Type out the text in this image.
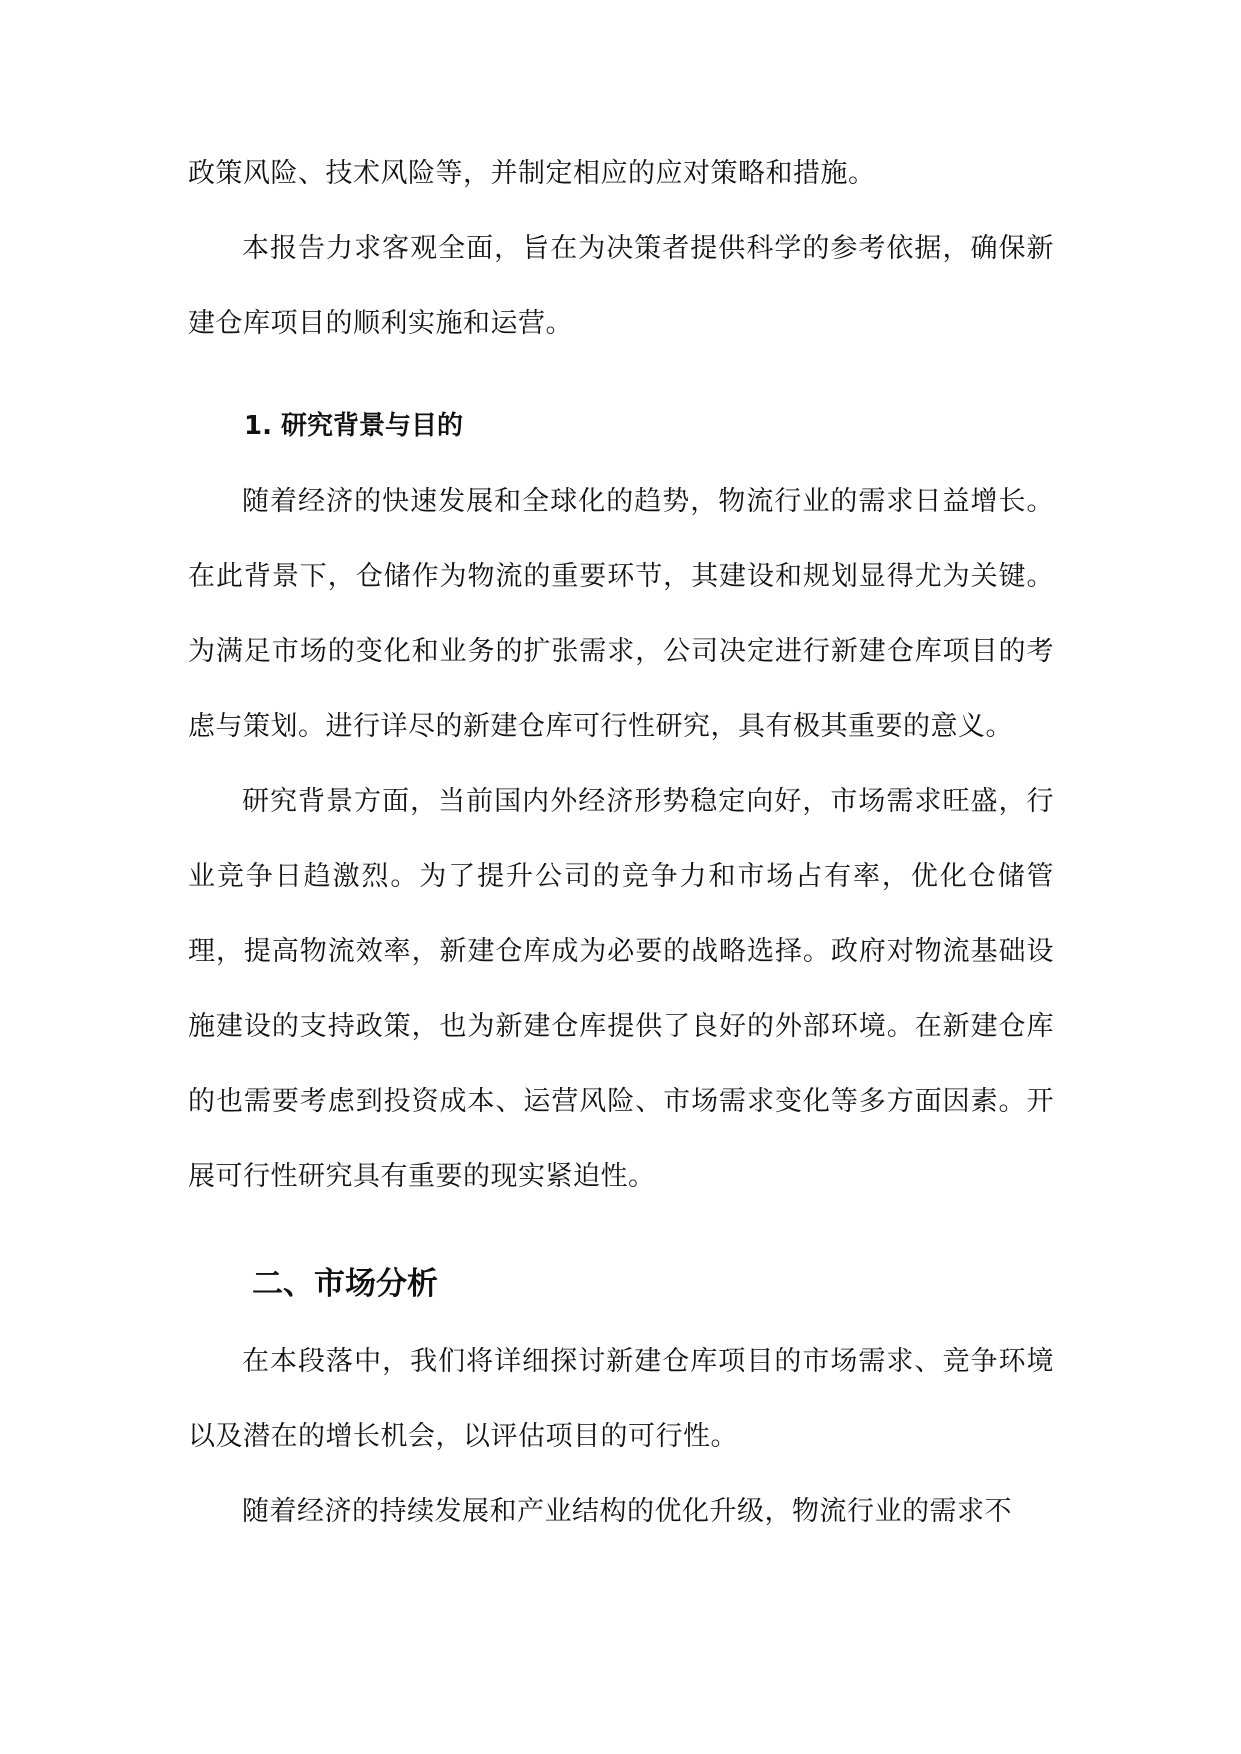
政策风险、技术风险等，并制定相应的应对策略和措施。

本报告力求客观全面，旨在为决策者提供科学的参考依据，确保新建仓库项目的顺利实施和运营。

1. 研究背景与目的

随着经济的快速发展和全球化的趋势，物流行业的需求日益增长。在此背景下，仓储作为物流的重要环节，其建设和规划显得尤为关键。为满足市场的变化和业务的扩张需求，公司决定进行新建仓库项目的考虑与策划。进行详尽的新建仓库可行性研究，具有极其重要的意义。

研究背景方面，当前国内外经济形势稳定向好，市场需求旺盛，行业竞争日趋激烈。为了提升公司的竞争力和市场占有率，优化仓储管理，提高物流效率，新建仓库成为必要的战略选择。政府对物流基础设施建设的支持政策，也为新建仓库提供了良好的外部环境。在新建仓库的也需要考虑到投资成本、运营风险、市场需求变化等多方面因素。开展可行性研究具有重要的现实紧迫性。

二、市场分析

在本段落中，我们将详细探讨新建仓库项目的市场需求、竞争环境以及潜在的增长机会，以评估项目的可行性。

随着经济的持续发展和产业结构的优化升级，物流行业的需求不
